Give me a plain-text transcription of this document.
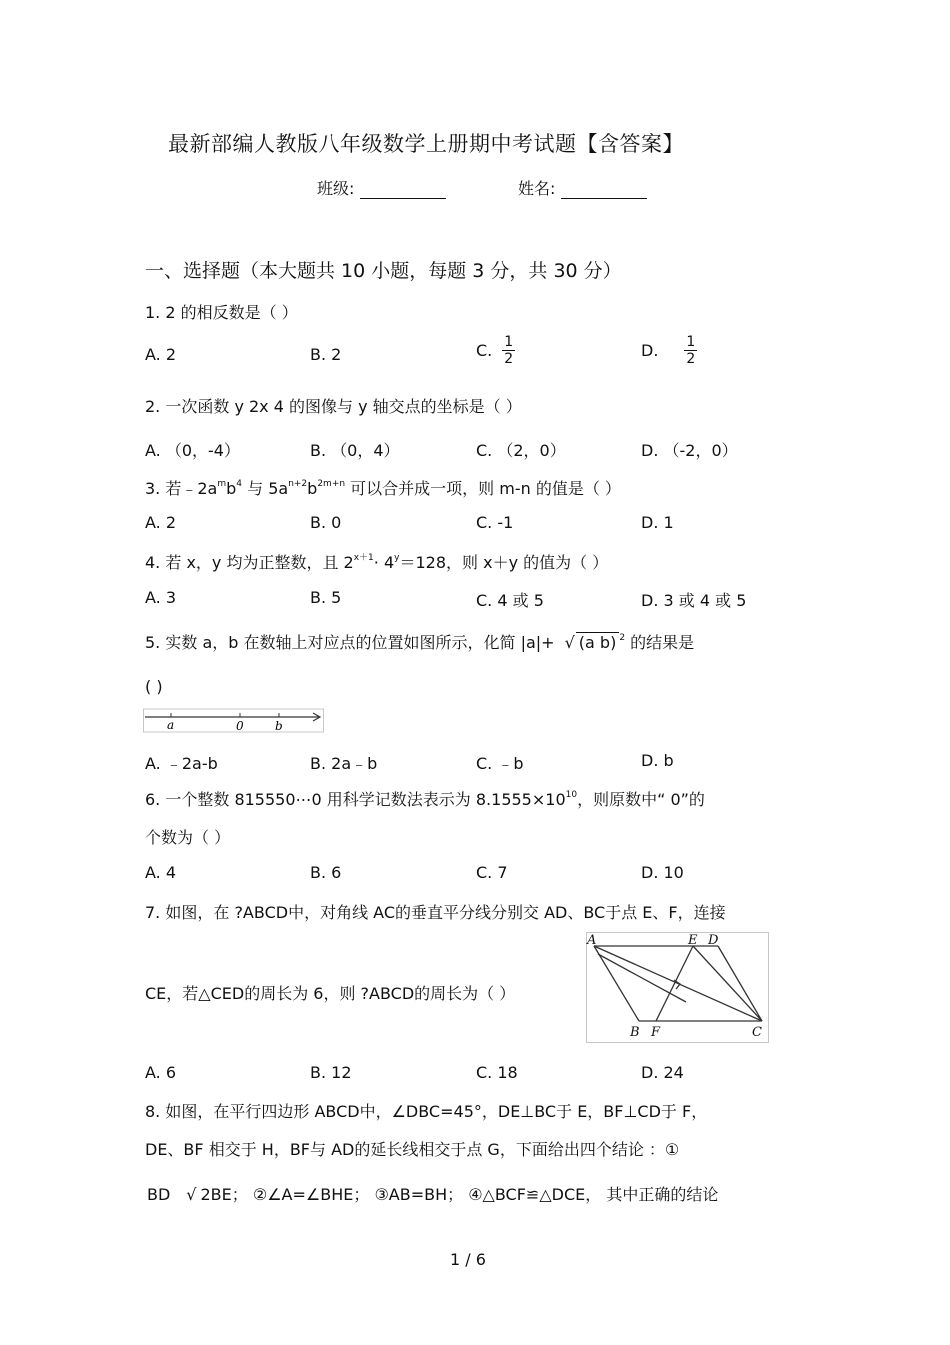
最新部编人教版八年级数学上册期中考试题【含答案】
班级:	姓名:
一、选择题（本大题共 10 小题，每题 3 分，共 30 分）
1. 2 的相反数是（ ）
A. 2	B. 2	C. $\frac{1}{2}$	D. $\frac{1}{2}$
2. 一次函数 y 2x 4 的图像与 y 轴交点的坐标是（ ）
A. （0，-4）	B. （0，4）	C. （2，0）	D. （-2，0）
3. 若$﹣2a^mb^4$ 与 $5a^{n+2}b^{2m+n}$ 可以合并成一项，则 m-n 的值是（ ）
A. 2	B. 0	C. -1	D. 1
4. 若 x，y 均为正整数，且 $2^{x+1}\cdot 4^y=128$，则 x＋y 的值为（ ）
A. 3	B. 5	C. 4 或 5	D. 3 或 4 或 5
5. 实数 a，b 在数轴上对应点的位置如图所示，化简 |a|+ √ (a b) $^2$ 的结果是
( )
a	0	b
A. ﹣2a-b	B. 2a﹣b	C. ﹣b	D. b
6. 一个整数 815550⋯0 用科学记数法表示为 $8.1555\times 10^{10}$，则原数中“ 0”的
个数为（ ）
A. 4	B. 6	C. 7	D. 10
7. 如图，在 ?ABCD中，对角线 AC的垂直平分线分别交 AD、BC于点 E、F，连接
CE，若△CED的周长为 6，则 ?ABCD的周长为（ ）
A	E D
B F	C
A. 6	B. 12	C. 18	D. 24
8. 如图，在平行四边形 ABCD中，∠DBC=45°，DE⊥BC于 E，BF⊥CD于 F，
DE、BF 相交于 H，BF与 AD的延长线相交于点 G，下面给出四个结论 ：①
BD √ 2BE； ②∠A=∠BHE； ③AB=BH； ④△BCF≌△DCE， 其中正确的结论
1 / 6
